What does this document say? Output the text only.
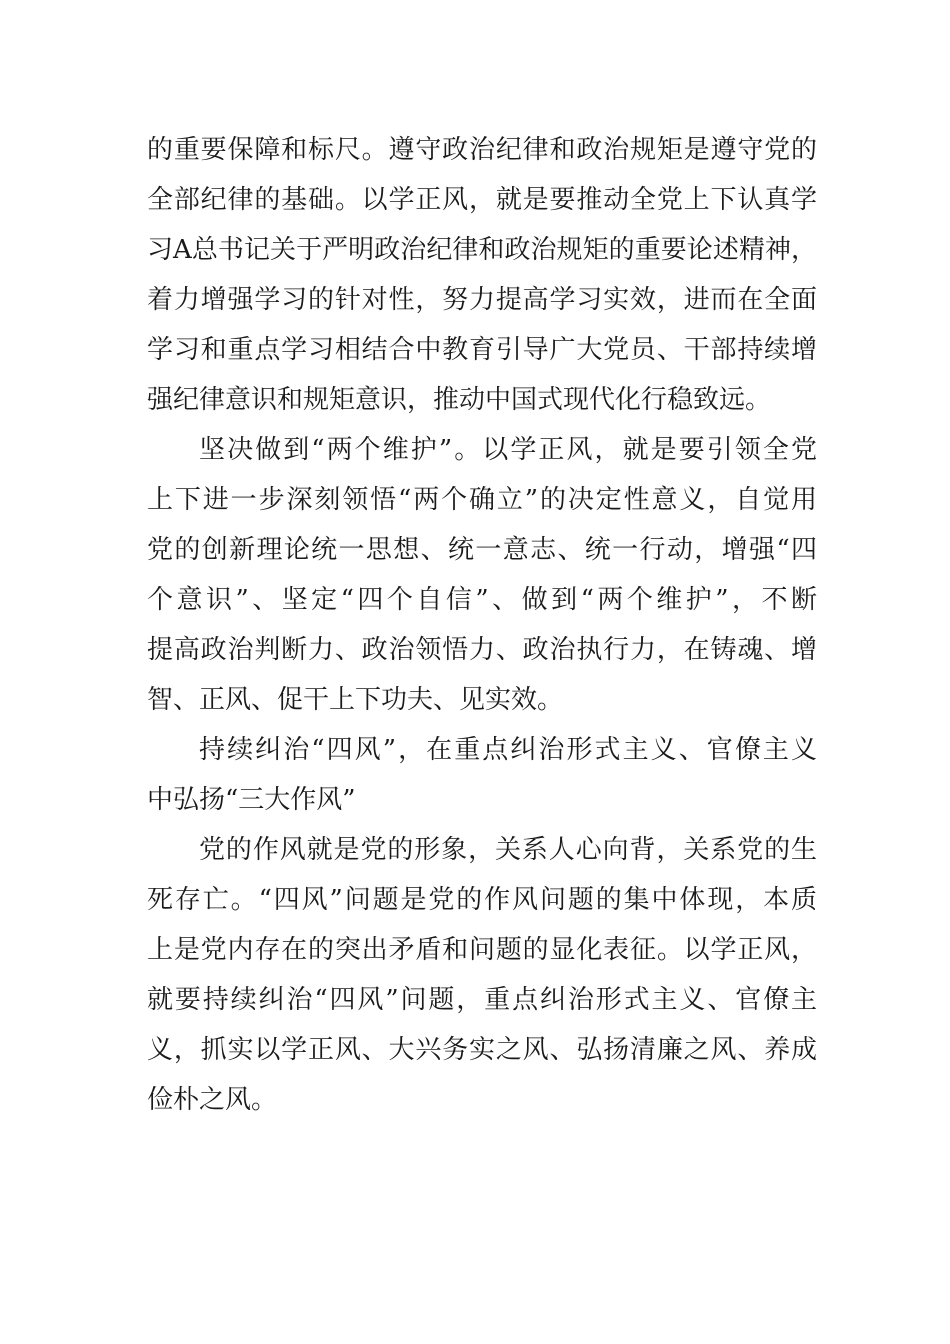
的重要保障和标尺。遵守政治纪律和政治规矩是遵守党的
全部纪律的基础。以学正风，就是要推动全党上下认真学
习A总书记关于严明政治纪律和政治规矩的重要论述精神，
着力增强学习的针对性，努力提高学习实效，进而在全面
学习和重点学习相结合中教育引导广大党员、干部持续增
强纪律意识和规矩意识，推动中国式现代化行稳致远。
坚决做到“两个维护”。以学正风，就是要引领全党
上下进一步深刻领悟“两个确立”的决定性意义，自觉用
党的创新理论统一思想、统一意志、统一行动，增强“四
个意识”、坚定“四个自信”、做到“两个维护”，不断
提高政治判断力、政治领悟力、政治执行力，在铸魂、增
智、正风、促干上下功夫、见实效。
持续纠治“四风”，在重点纠治形式主义、官僚主义
中弘扬“三大作风”
党的作风就是党的形象，关系人心向背，关系党的生
死存亡。“四风”问题是党的作风问题的集中体现，本质
上是党内存在的突出矛盾和问题的显化表征。以学正风，
就要持续纠治“四风”问题，重点纠治形式主义、官僚主
义，抓实以学正风、大兴务实之风、弘扬清廉之风、养成
俭朴之风。
